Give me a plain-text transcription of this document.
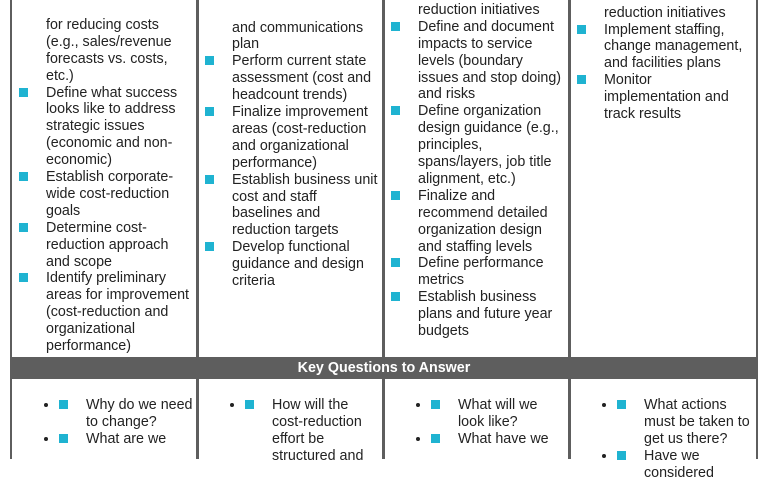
for reducing costs (e.g., sales/revenue forecasts vs. costs, etc.)
Define what success looks like to address strategic issues (economic and non-economic)
Establish corporate-wide cost-reduction goals
Determine cost-reduction approach and scope
Identify preliminary areas for improvement (cost-reduction and organizational performance)
and communications plan
Perform current state assessment (cost and headcount trends)
Finalize improvement areas (cost-reduction and organizational performance)
Establish business unit cost and staff baselines and reduction targets
Develop functional guidance and design criteria
reduction initiatives
Define and document impacts to service levels (boundary issues and stop doing) and risks
Define organization design guidance (e.g., principles, spans/layers, job title alignment, etc.)
Finalize and recommend detailed organization design and staffing levels
Define performance metrics
Establish business plans and future year budgets
reduction initiatives
Implement staffing, change management, and facilities plans
Monitor implementation and track results
Key Questions to Answer
• Why do we need to change?
• What are we
• How will the cost-reduction effort be structured and
• What will we look like?
• What have we
• What actions must be taken to get us there?
• Have we considered
